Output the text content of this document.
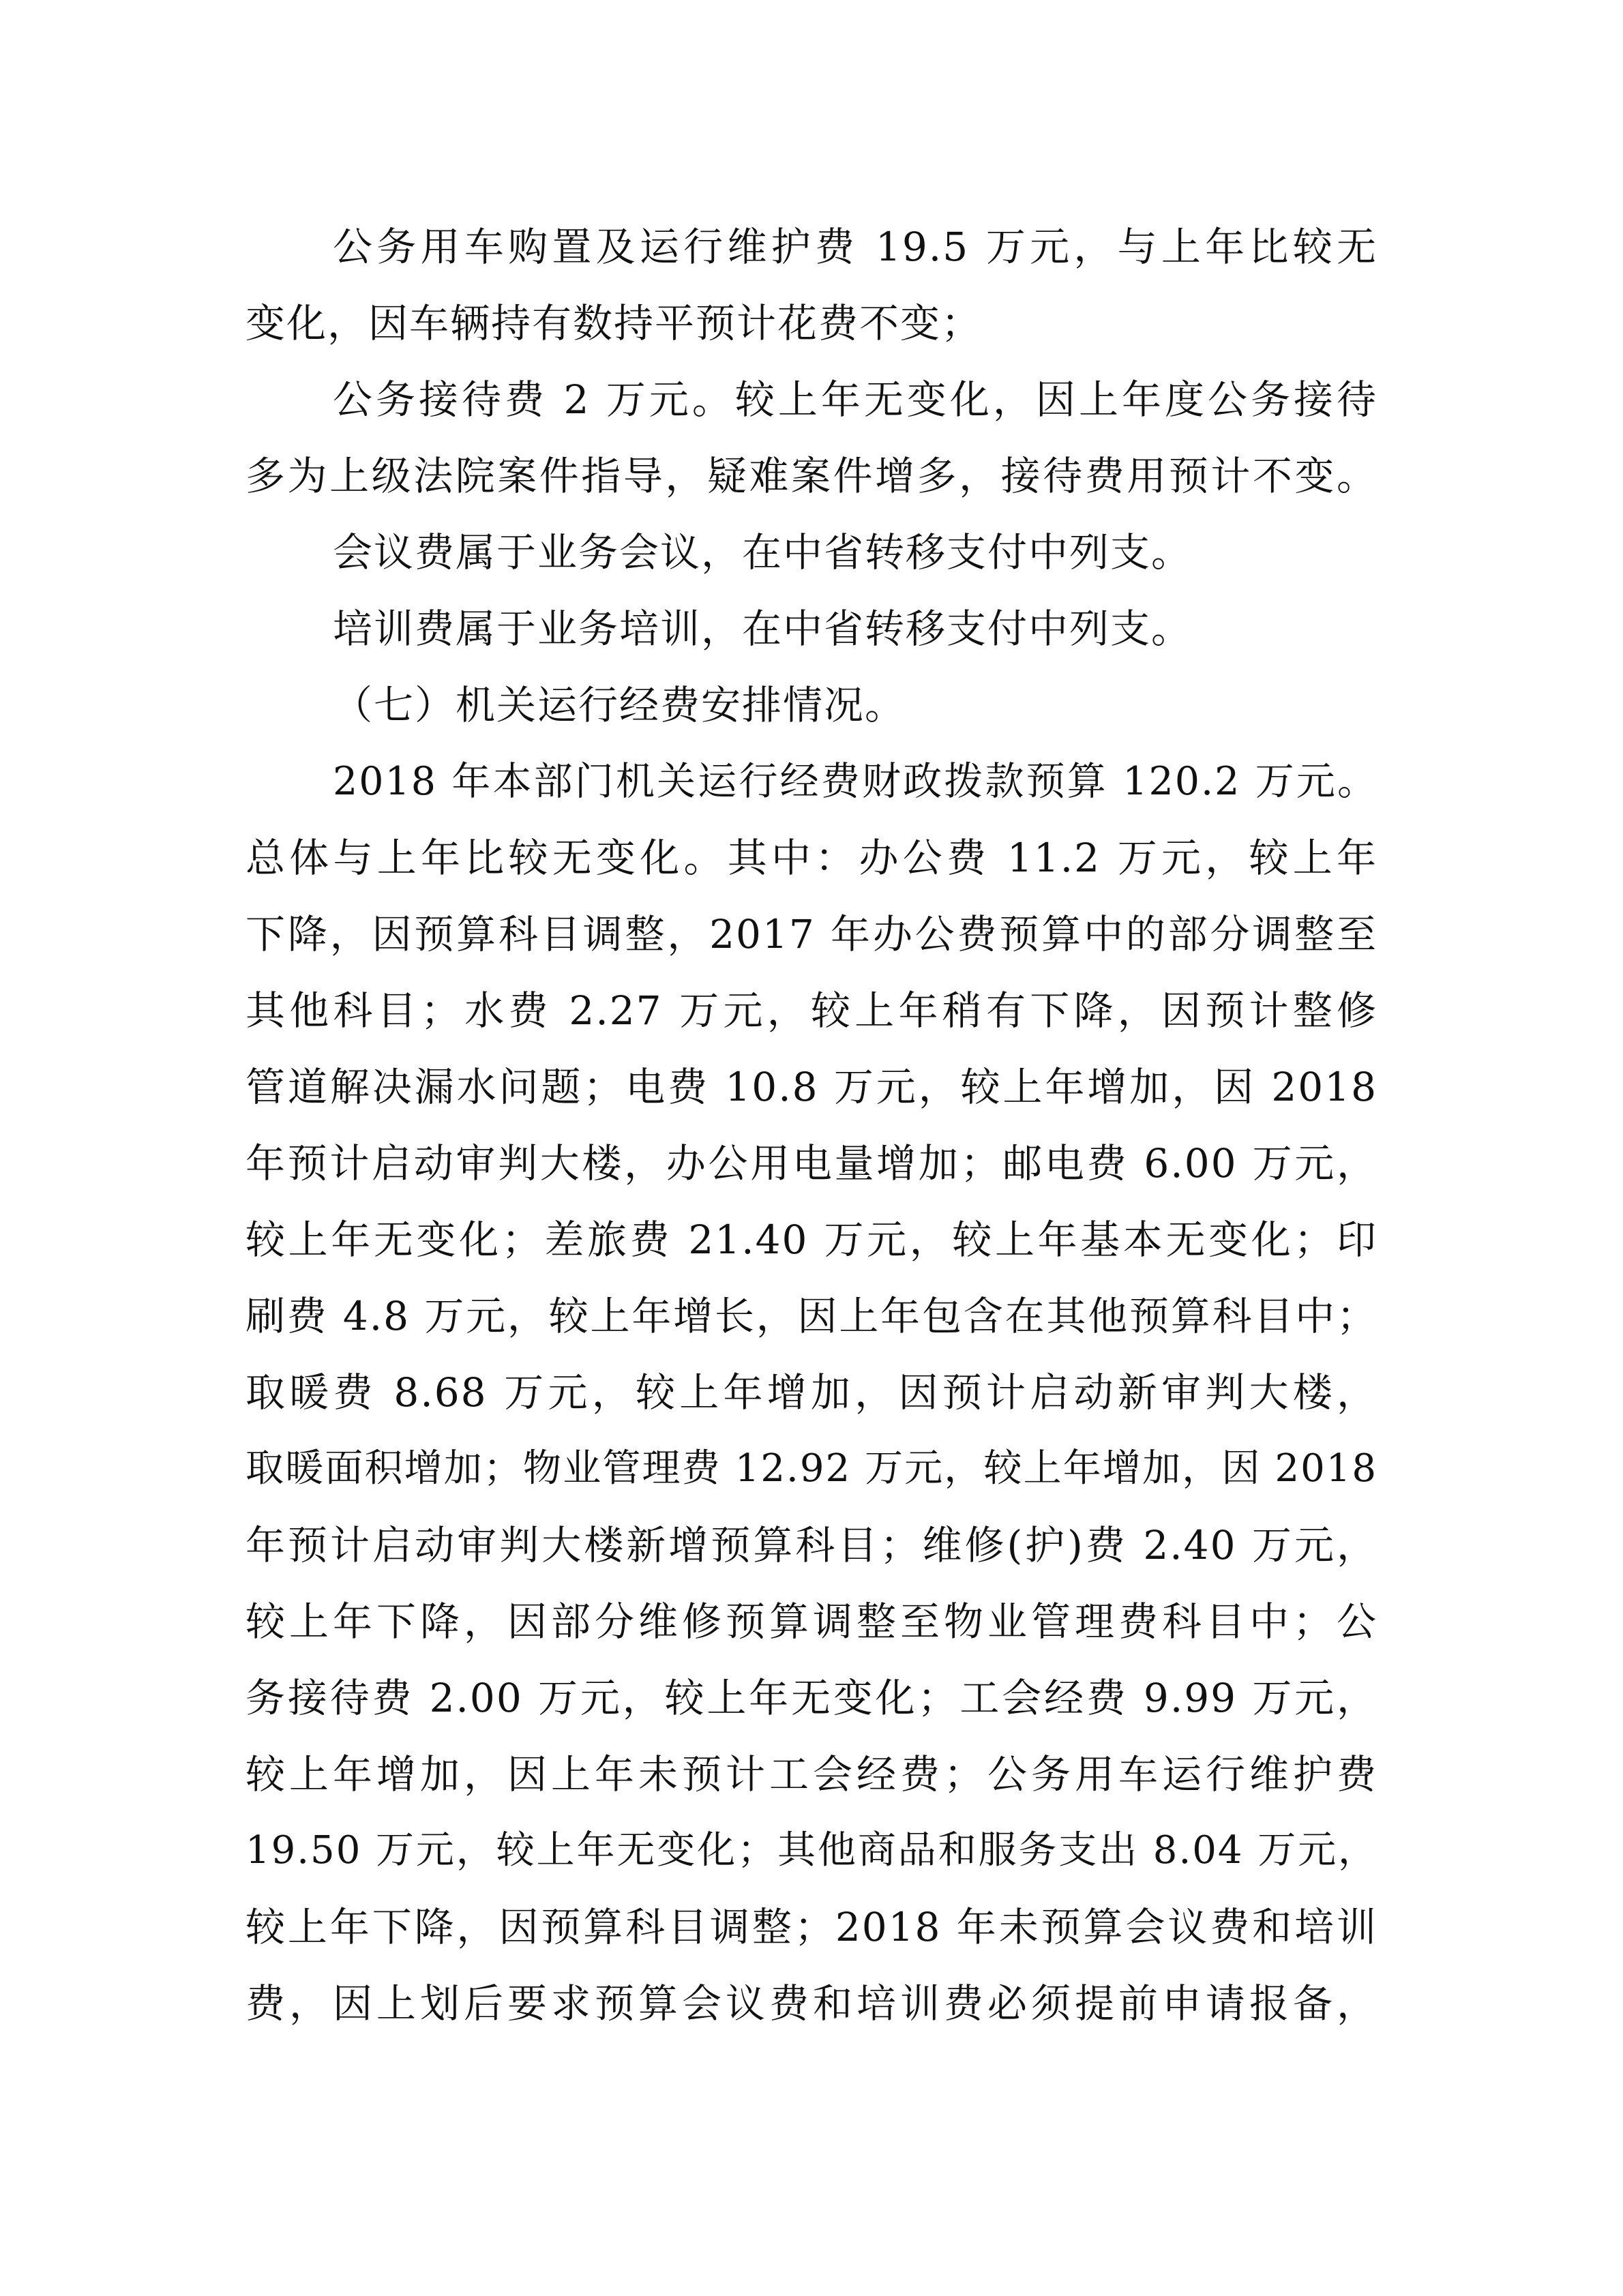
公务用车购置及运行维护费 19.5 万元，与上年比较无
变化，因车辆持有数持平预计花费不变；
公务接待费 2 万元。较上年无变化，因上年度公务接待
多为上级法院案件指导，疑难案件增多，接待费用预计不变。
会议费属于业务会议，在中省转移支付中列支。
培训费属于业务培训，在中省转移支付中列支。
（七）机关运行经费安排情况。
2018 年本部门机关运行经费财政拨款预算 120.2 万元。
总体与上年比较无变化。其中：办公费 11.2 万元，较上年
下降，因预算科目调整，2017 年办公费预算中的部分调整至
其他科目；水费 2.27 万元，较上年稍有下降，因预计整修
管道解决漏水问题；电费 10.8 万元，较上年增加，因 2018
年预计启动审判大楼，办公用电量增加；邮电费 6.00 万元，
较上年无变化；差旅费 21.40 万元，较上年基本无变化；印
刷费 4.8 万元，较上年增长，因上年包含在其他预算科目中；
取暖费 8.68 万元，较上年增加，因预计启动新审判大楼，
取暖面积增加；物业管理费 12.92 万元，较上年增加，因 2018
年预计启动审判大楼新增预算科目；维修(护)费 2.40 万元，
较上年下降，因部分维修预算调整至物业管理费科目中；公
务接待费 2.00 万元，较上年无变化；工会经费 9.99 万元，
较上年增加，因上年未预计工会经费；公务用车运行维护费
19.50 万元，较上年无变化；其他商品和服务支出 8.04 万元，
较上年下降，因预算科目调整；2018 年未预算会议费和培训
费，因上划后要求预算会议费和培训费必须提前申请报备，
